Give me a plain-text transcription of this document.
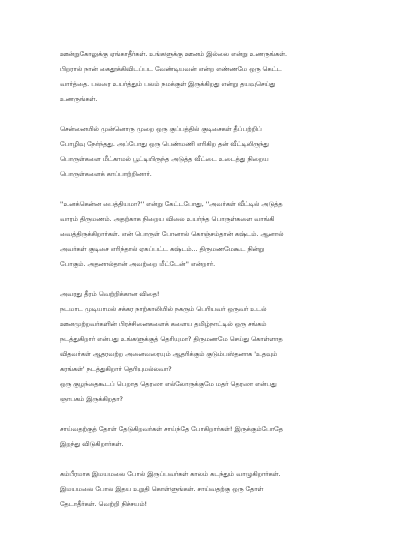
ஊன்றுகோலுக்கு ஏங்காதீர்கள். உங்களுக்கு ஊனம் இல்லை என்று உணருங்கள்.
பிறரால் நான் கைதூக்கிவிடப்பட வேண்டியவன் என்ற எண்ணமே ஒரு கெட்ட
வார்த்தை. பலரை உயர்த்தும் பலம் நமக்குள் இருக்கிறது என்று தயவுசெய்து
உணருங்கள்.

சென்னையில் முன்னொரு முறை ஒரு குப்பத்தில் குடிசைகள் தீப்பற்றிப்
போழிவு நேர்ந்தது. அப்போது ஒரு பெண்மணி எரிகிற தன் வீட்டிலிருந்து
பொருள்களை மீட்காமல் பூட்டியிருந்த அடுத்த வீட்டை உடைத்து நிறைய
பொருள்களைக் காப்பாற்றினார்.

''உனக்கென்ன பைத்தியமா?'' என்று கேட்டபோது, ''அவர்கள் வீட்டில் அடுத்த
வாரம் திருமணம். அதற்காக நிறைய விலை உயர்ந்த பொருள்களை வாங்கி
வைத்திருக்கிறார்கள். என் பொருள் போனால் கொஞ்சம்தான் கஷ்டம். ஆனால்
அவர்கள் குடிசை எரிந்தால் ஏகப்பட்ட கஷ்டம்... திருமணமேகூட நின்று
போகும். அதனால்தான் அவற்றை மீட்டேன்'' என்றார்.

அவரது தீரம் வெற்றிக்கான விதை!
நடமாட முடியாமல் சக்கர நாற்காலியில் நகரும் பெரியவர் ஒருவர் உடல்
ஊனமுற்றவர்களின் பிரச்சினைகளைக் களைய தமிழ்நாட்டில் ஒரு சங்கம்
நடத்துகிறார் என்பது உங்களுக்குத் தெரியுமா? திருமணமே செய்து கொள்ளாத
விதவர்கள் ஆதரவற்ற அனைவரையும் ஆதரிக்கும் குடும்பஸ்தனாக 'உதவும்
கரங்கள்' நடத்துகிறார் தெரியுமல்லவா?

ஒரு குழந்தைகூடப் பெறாத தெரஸா எல்லோருக்குமே மதர் தெரஸா என்பது
ஞாபகம் இருக்கிறதா?

சாய்வதற்குத் தோள் தேடுகிறவர்கள் சாய்ந்தே போகிறார்கள்! இருக்கும்போதே
இறந்து விடுகிறார்கள்.

கம்பீரமாக இமயமலை போல் இருப்பவர்கள் காலம் கடந்தும் வாழுகிறார்கள்.
இமயமலை போல இதய உறுதி கொள்ளுங்கள். சாய்வதற்கு ஒரு தோள்
தேடாதீர்கள். வெற்றி நிச்சயம்!
